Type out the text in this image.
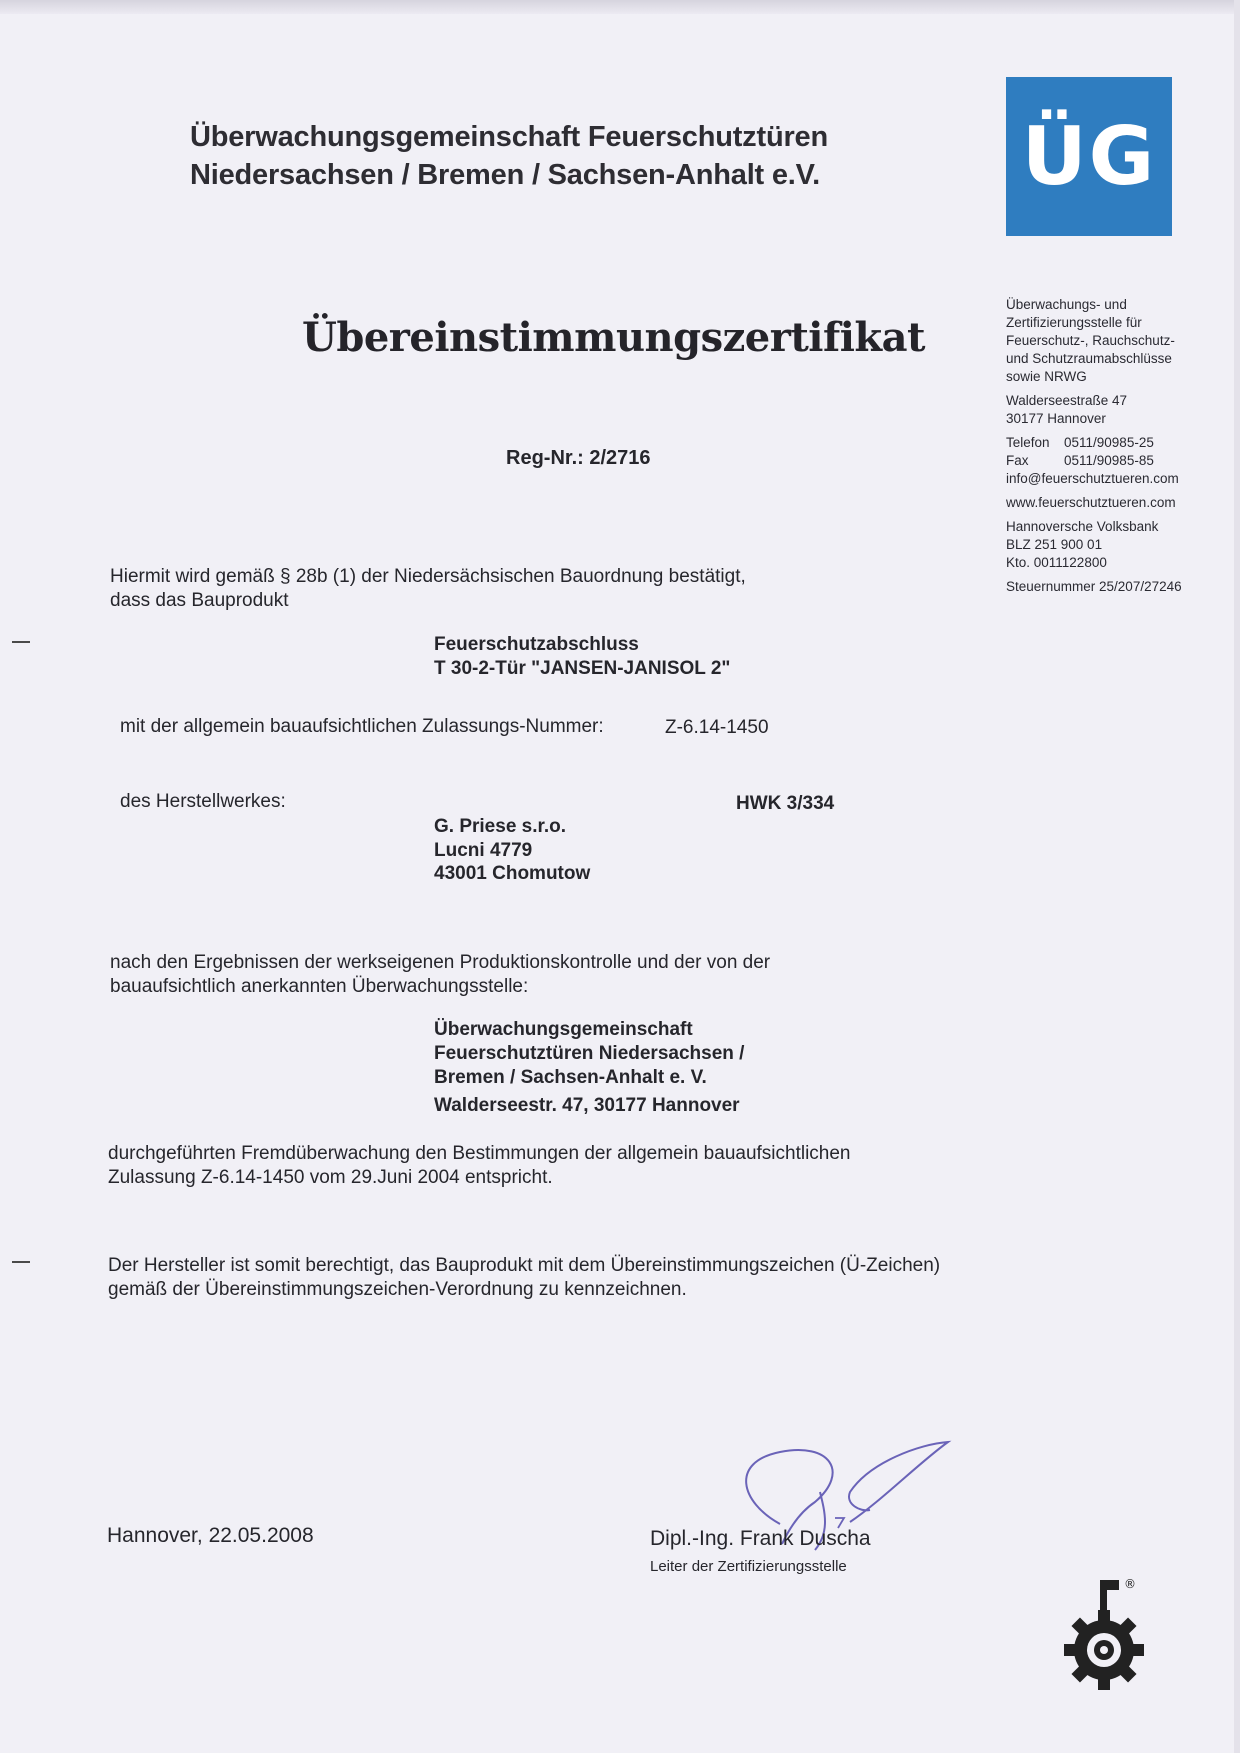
Überwachungsgemeinschaft Feuerschutztüren
Niedersachsen / Bremen / Sachsen-Anhalt e.V.	ÜG
Überwachungs- und
Zertifizierungsstelle für
Feuerschutz-, Rauchschutz-
und Schutzraumabschlüsse
sowie NRWG
Walderseestraße 47
30177 Hannover
Telefon	0511/90985-25
Fax	0511/90985-85
info@feuerschutztueren.com
www.feuerschutztueren.com
Hannoversche Volksbank
BLZ 251 900 01
Kto. 0011122800
Steuernummer 25/207/27246
Übereinstimmungszertifikat
Reg-Nr.: 2/2716
Hiermit wird gemäß § 28b (1) der Niedersächsischen Bauordnung bestätigt,
dass das Bauprodukt
Feuerschutzabschluss
T 30-2-Tür "JANSEN-JANISOL 2"
mit der allgemein bauaufsichtlichen Zulassungs-Nummer:	Z-6.14-1450
des Herstellwerkes:	HWK 3/334
G. Priese s.r.o.
Lucni 4779
43001 Chomutow
nach den Ergebnissen der werkseigenen Produktionskontrolle und der von der
bauaufsichtlich anerkannten Überwachungsstelle:
Überwachungsgemeinschaft
Feuerschutztüren Niedersachsen /
Bremen / Sachsen-Anhalt e. V.
Walderseestr. 47, 30177 Hannover
durchgeführten Fremdüberwachung den Bestimmungen der allgemein bauaufsichtlichen
Zulassung Z-6.14-1450 vom 29.Juni 2004 entspricht.
Der Hersteller ist somit berechtigt, das Bauprodukt mit dem Übereinstimmungszeichen (Ü-Zeichen)
gemäß der Übereinstimmungszeichen-Verordnung zu kennzeichnen.
Hannover, 22.05.2008	Dipl.-Ing. Frank Duscha
Leiter der Zertifizierungsstelle
®
